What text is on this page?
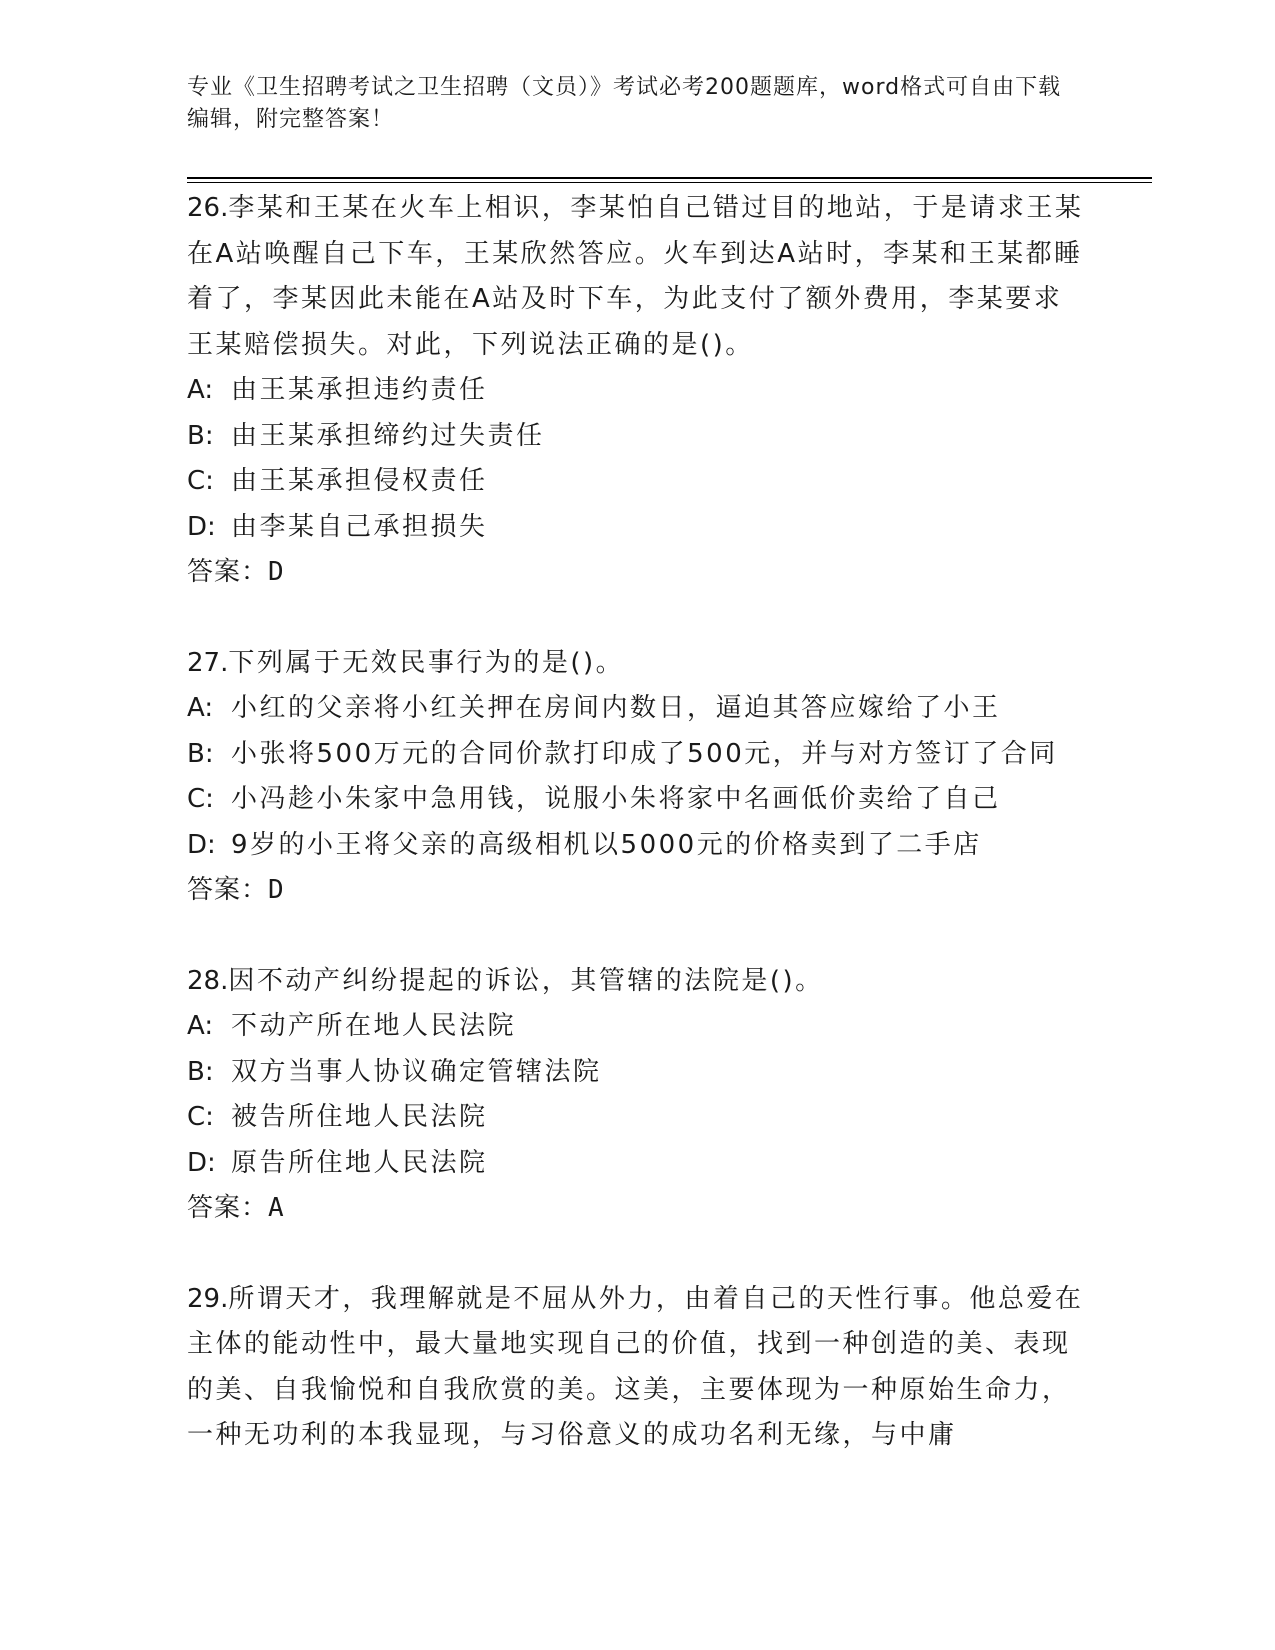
专业《卫生招聘考试之卫生招聘（文员）》考试必考200题题库，word格式可自由下载编辑，附完整答案！

26.李某和王某在火车上相识，李某怕自己错过目的地站，于是请求王某在A站唤醒自己下车，王某欣然答应。火车到达A站时，李某和王某都睡着了，李某因此未能在A站及时下车，为此支付了额外费用，李某要求王某赔偿损失。对此，下列说法正确的是()。

A: 由王某承担违约责任

B: 由王某承担缔约过失责任

C: 由王某承担侵权责任

D: 由李某自己承担损失

答案：D

27.下列属于无效民事行为的是()。

A: 小红的父亲将小红关押在房间内数日，逼迫其答应嫁给了小王

B: 小张将500万元的合同价款打印成了500元，并与对方签订了合同

C: 小冯趁小朱家中急用钱，说服小朱将家中名画低价卖给了自己

D: 9岁的小王将父亲的高级相机以5000元的价格卖到了二手店

答案：D

28.因不动产纠纷提起的诉讼，其管辖的法院是()。

A: 不动产所在地人民法院

B: 双方当事人协议确定管辖法院

C: 被告所住地人民法院

D: 原告所住地人民法院

答案：A

29.所谓天才，我理解就是不屈从外力，由着自己的天性行事。他总爱在主体的能动性中，最大量地实现自己的价值，找到一种创造的美、表现的美、自我愉悦和自我欣赏的美。这美，主要体现为一种原始生命力，一种无功利的本我显现，与习俗意义的成功名利无缘，与中庸
